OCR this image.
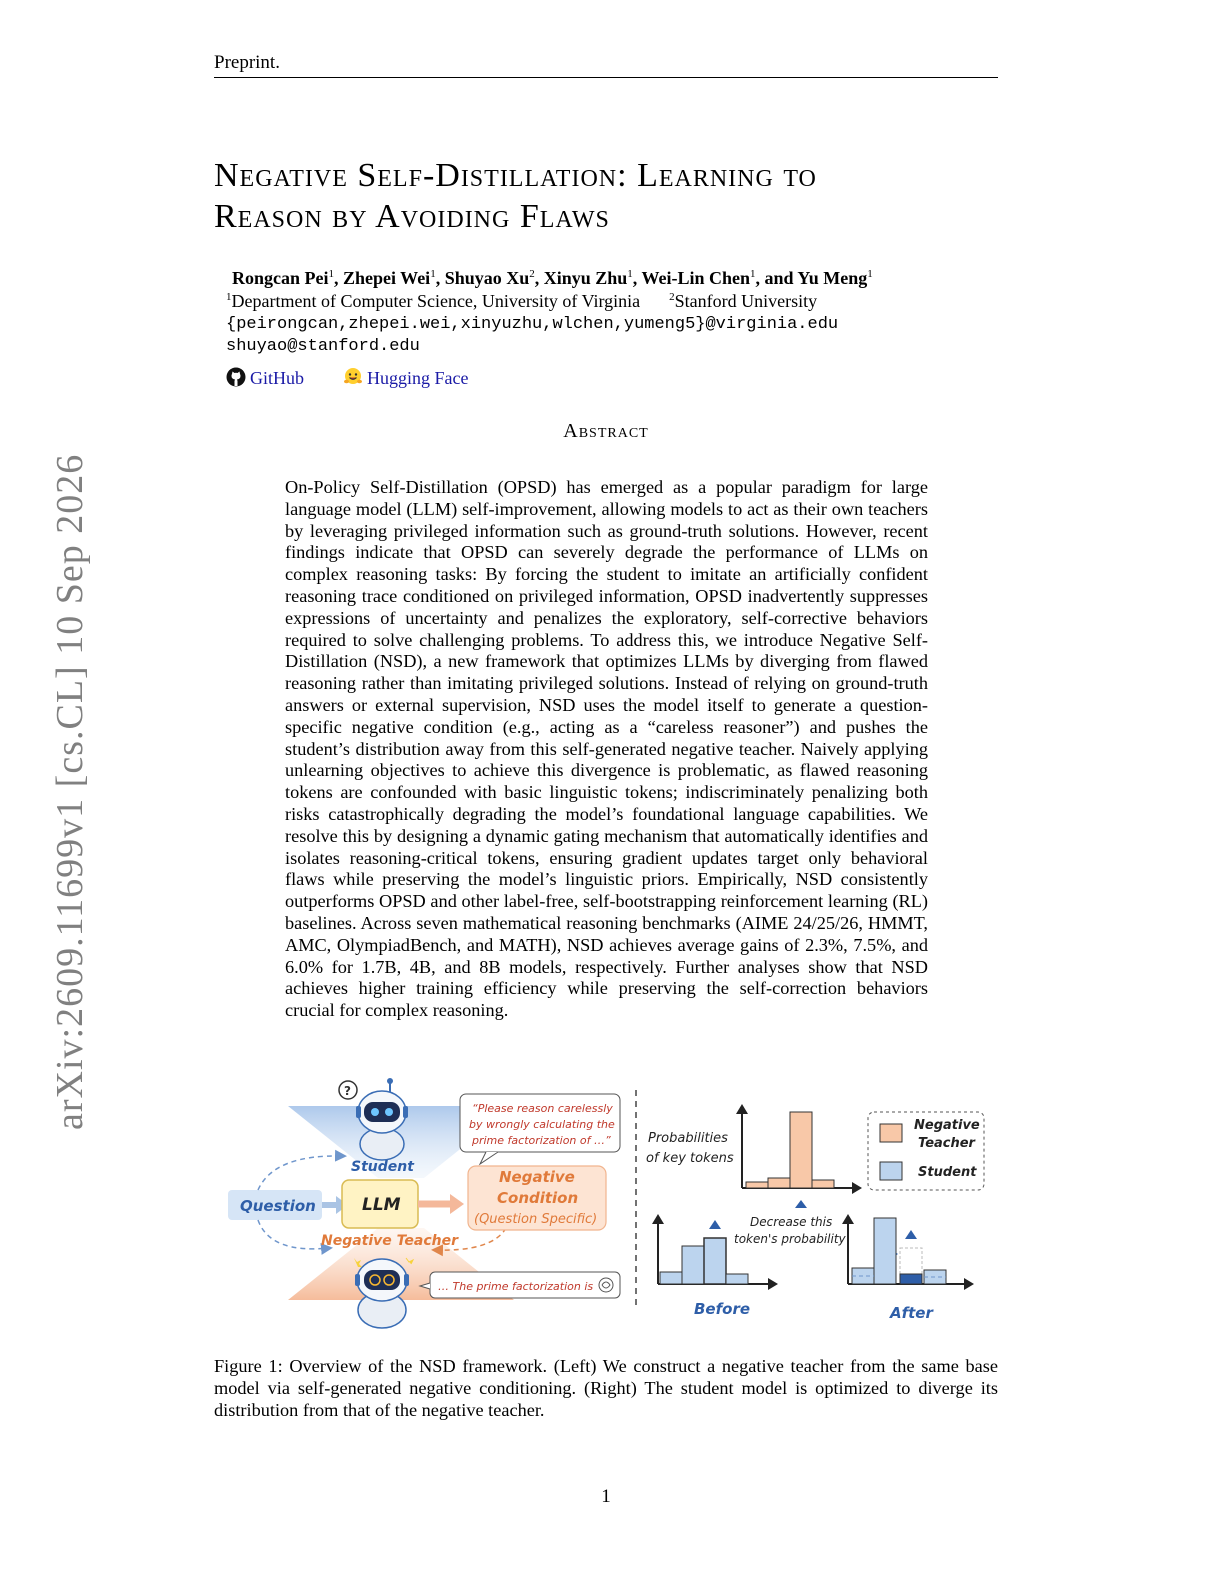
Preprint.
arXiv:2609.11699v1 [cs.CL] 10 Sep 2026
Negative Self-Distillation: Learning to
Reason by Avoiding Flaws
Rongcan Pei$^1$, Zhepei Wei$^1$, Shuyao Xu$^2$, Xinyu Zhu$^1$, Wei-Lin Chen$^1$, and Yu Meng$^1$
$^1$Department of Computer Science, University of Virginia	$^2$Stanford University
{peirongcan,zhepei.wei,xinyuzhu,wlchen,yumeng5}@virginia.edu
shuyao@stanford.edu
GitHub	Hugging Face
Abstract
On-Policy Self-Distillation (OPSD) has emerged as a popular paradigm for large language model (LLM) self-improvement, allowing models to act as their own teachers by leveraging privileged information such as ground-truth solutions. However, recent findings indicate that OPSD can severely degrade the performance of LLMs on complex reasoning tasks: By forcing the student to imitate an artificially confident reasoning trace conditioned on privileged information, OPSD inadvertently suppresses expressions of uncertainty and penalizes the exploratory, self-corrective behaviors required to solve challenging problems. To address this, we introduce Negative Self-Distillation (NSD), a new framework that optimizes LLMs by diverging from flawed reasoning rather than imitating privileged solutions. Instead of relying on ground-truth answers or external supervision, NSD uses the model itself to generate a question-specific negative condition (e.g., acting as a “careless reasoner”) and pushes the student’s distribution away from this self-generated negative teacher. Naively applying unlearning objectives to achieve this divergence is problematic, as flawed reasoning tokens are confounded with basic linguistic tokens; indiscriminately penalizing both risks catastrophically degrading the model’s foundational language capabilities. We resolve this by designing a dynamic gating mechanism that automatically identifies and isolates reasoning-critical tokens, ensuring gradient updates target only behavioral flaws while preserving the model’s linguistic priors. Empirically, NSD consistently outperforms OPSD and other label-free, self-bootstrapping reinforcement learning (RL) baselines. Across seven mathematical reasoning benchmarks (AIME 24/25/26, HMMT, AMC, OlympiadBench, and MATH), NSD achieves average gains of 2.3%, 7.5%, and 6.0% for 1.7B, 4B, and 8B models, respectively. Further analyses show that NSD achieves higher training efficiency while preserving the self-correction behaviors crucial for complex reasoning.
?
Student
Question	LLM
Negative
Condition
(Question Specific)
“Please reason carelessly
by wrongly calculating the
prime factorization of …”
Negative Teacher
… The prime factorization is
Probabilities
of key tokens
Negative
Teacher
Student
Decrease this
token's probability
Before	After
Figure 1: Overview of the NSD framework. (Left) We construct a negative teacher from the same base model via self-generated negative conditioning. (Right) The student model is optimized to diverge its distribution from that of the negative teacher.
1
